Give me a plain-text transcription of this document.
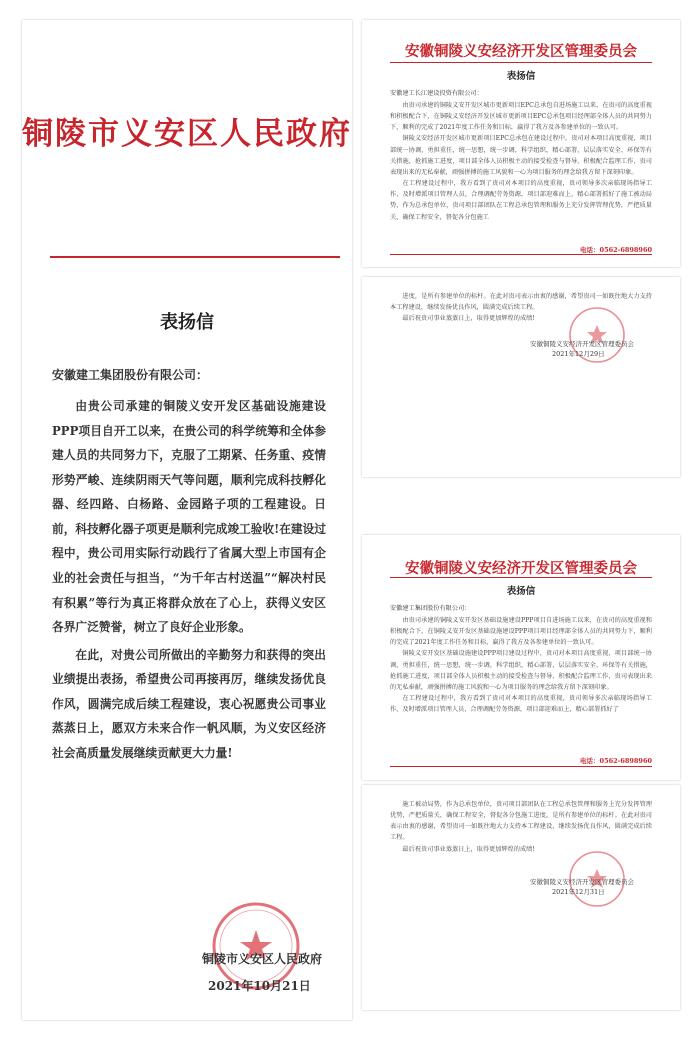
铜陵市义安区人民政府
表扬信
安徽建工集团股份有限公司：

由贵公司承建的铜陵义安开发区基础设施建设PPP项目自开工以来，在贵公司的科学统筹和全体参建人员的共同努力下，克服了工期紧、任务重、疫情形势严峻、连续阴雨天气等问题，顺利完成科技孵化器、经四路、白杨路、金园路子项的工程建设。日前，科技孵化器子项更是顺利完成竣工验收!在建设过程中，贵公司用实际行动践行了省属大型上市国有企业的社会责任与担当，“为千年古村送温”“解决村民有积累”等行为真正将群众放在了心上，获得义安区各界广泛赞誉，树立了良好企业形象。

在此，对贵公司所做出的辛勤努力和获得的突出业绩提出表扬，希望贵公司再接再厉，继续发扬优良作风，圆满完成后续工程建设，衷心祝愿贵公司事业蒸蒸日上，愿双方未来合作一帆风顺，为义安区经济社会高质量发展继续贡献更大力量!

铜陵市义安区人民政府
2021年10月21日
安徽铜陵义安经济开发区管理委员会
表扬信
安徽建工长江建设投资有限公司：

由贵司承建的铜陵义安开发区城市更新项目EPC总承包自进场施工以来，在贵司的高度重视和积极配合下，在铜陵义安经济开发区城市更新项目EPC总承包项目经理部全体人员的共同努力下，顺利的完成了2021年度工作任务和目标，赢得了我方及各参建单位的一致认可。

铜陵义安经济开发区城市更新项目EPC总承包在建设过程中，贵司对本项目高度重视，项目部统一协调，勇担重任，统一思想，统一步调，科学组织，精心部署，层层落实安全、环保等有关措施，抢抓施工进度，项目部全体人员积极主动的接受检查与督导，积极配合监理工作，贵司表现出来的无私奉献，顽强拼搏的施工风貌和一心为项目服务的理念给我方留下深刻印象。

在工程建设过程中，我方看到了贵司对本项目的高度重视，贵司领导多次亲临现场指导工作，及时增派项目管理人员，合理调配劳务资源，项目部迎难而上，精心部署抓好了施工被动局势，作为总承包单位，贵司项目部团队在工程总承包管理和服务上充分发挥管理优势，严把质量关，确保工程安全，督促各分包施工

电话：0562-6898960

进度，是所有参建单位的标杆。在此对贵司表示由衷的感谢，希望贵司一如既往地大力支持本工程建设，继续发扬优良作风，圆满完成后续工程。

最后祝贵司事业蒸蒸日上，取得更加辉煌的成绩!

安徽铜陵义安经济开发区管理委员会
2021年12月29日
安徽铜陵义安经济开发区管理委员会
表扬信
安徽建工集团股份有限公司：

由贵司承建的铜陵义安开发区基础设施建设PPP项目自进场施工以来，在贵司的高度重视和积极配合下，在铜陵义安开发区基础设施建设PPP项目项目经理部全体人员的共同努力下，顺利的完成了2021年度工作任务和目标，赢得了我方及各参建单位的一致认可。

铜陵义安开发区基础设施建设PPP项目建设过程中，贵司对本项目高度重视，项目部统一协调，勇担重任，统一思想，统一步调，科学组织，精心部署，层层落实安全、环保等有关措施，抢抓施工进度，项目部全体人员积极主动的接受检查与督导，积极配合监理工作，贵司表现出来的无私奉献，顽强拼搏的施工风貌和一心为项目服务的理念给我方留下深刻印象。

在工程建设过程中，我方看到了贵司对本项目的高度重视，贵司领导多次亲临现场指导工作，及时增派项目管理人员，合理调配劳务资源，项目部迎难而上，精心部署抓好了

电话：0562-6898960

施工被动局势，作为总承包单位，贵司项目部团队在工程总承包管理和服务上充分发挥管理优势，严把质量关，确保工程安全，督促各分包施工进度，是所有参建单位的标杆。在此对贵司表示由衷的感谢，希望贵司一如既往地大力支持本工程建设，继续发扬优良作风，圆满完成后续工程。

最后祝贵司事业蒸蒸日上，取得更加辉煌的成绩!

安徽铜陵义安经济开发区管理委员会
2021年12月31日
